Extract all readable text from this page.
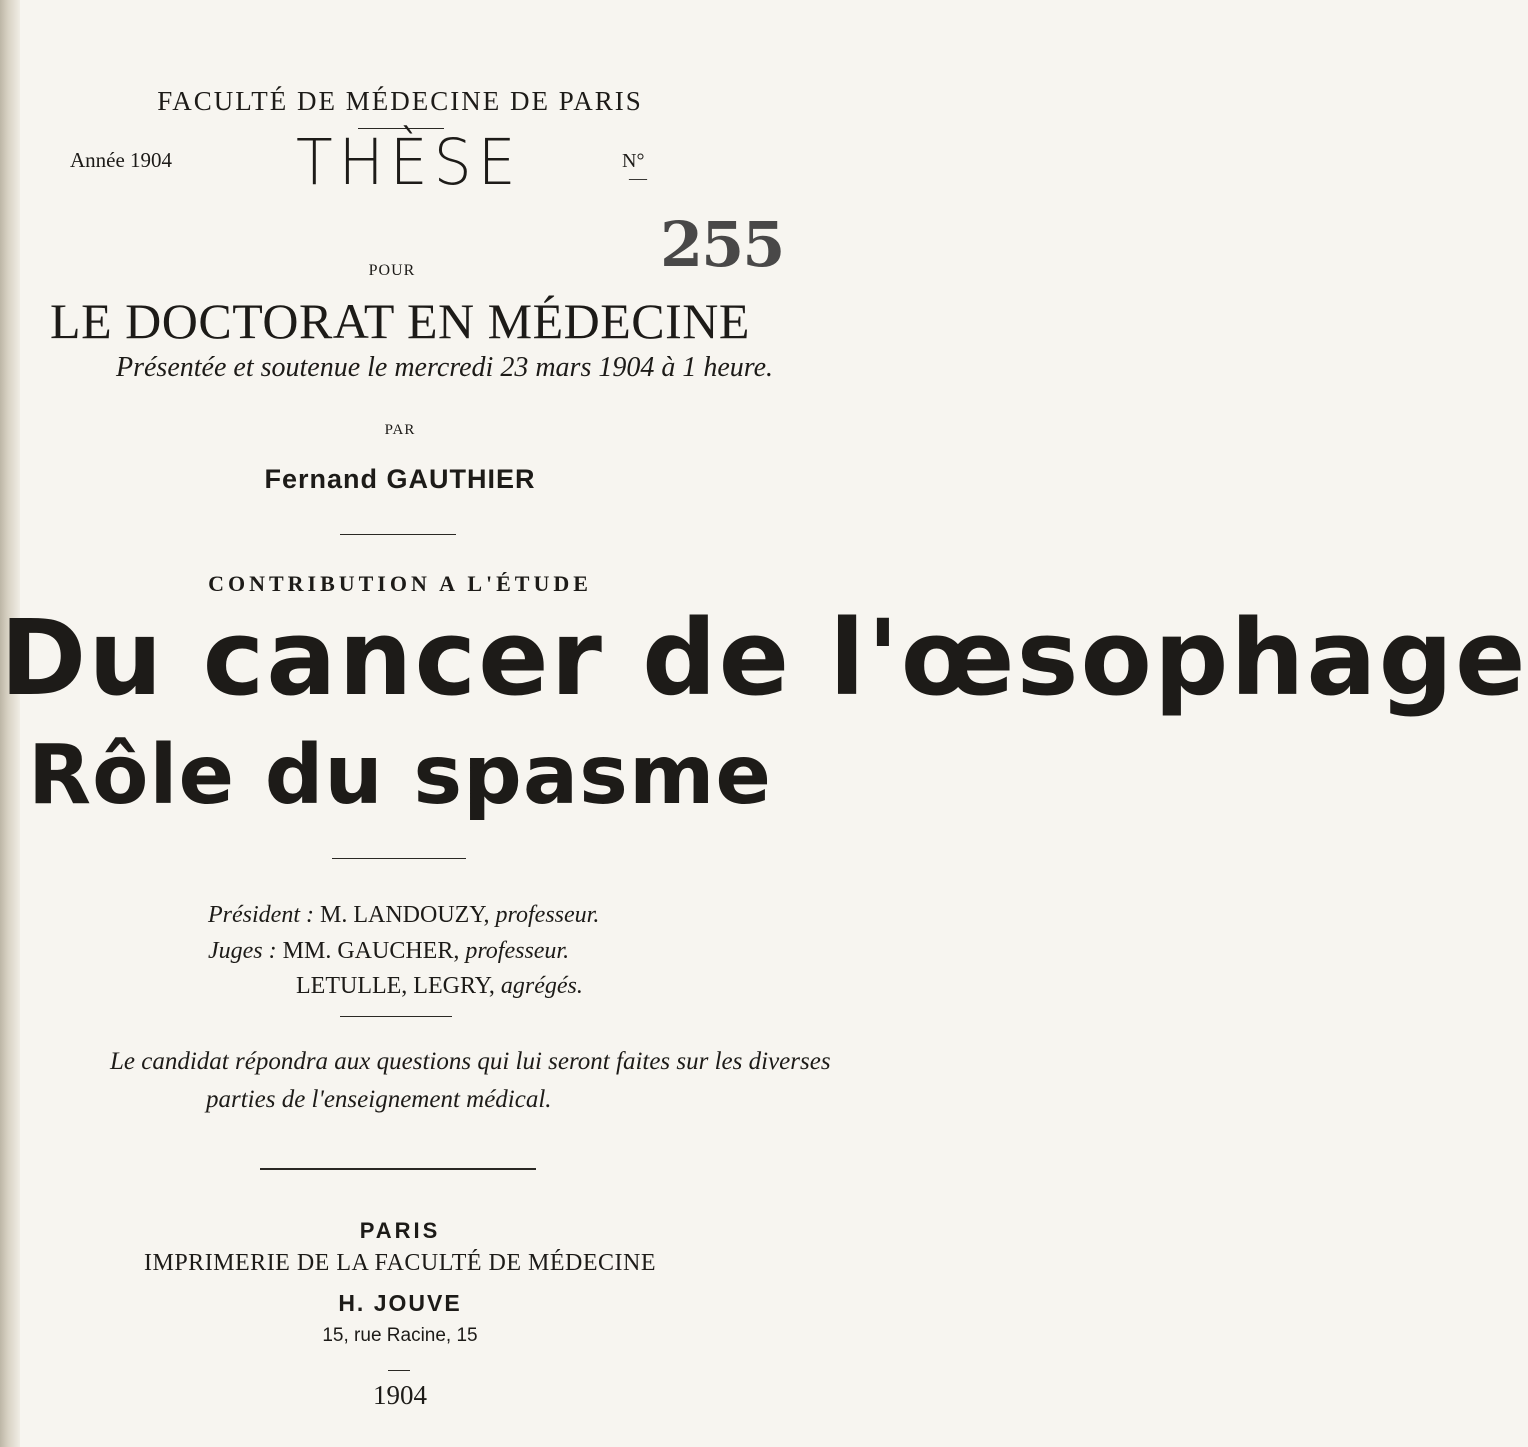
FACULTÉ DE MÉDECINE DE PARIS
Année 1904 THÈSE	N°
—
255
POUR
LE DOCTORAT EN MÉDECINE
Présentée et soutenue le mercredi 23 mars 1904 à 1 heure.
PAR
Fernand GAUTHIER
CONTRIBUTION A L'ÉTUDE
Du cancer de l'œsophage
Rôle du spasme
Président : M. LANDOUZY, professeur.
Juges : MM. GAUCHER, professeur.
LETULLE, LEGRY, agrégés.
Le candidat répondra aux questions qui lui seront faites sur les diverses
parties de l'enseignement médical.
PARIS
IMPRIMERIE DE LA FACULTÉ DE MÉDECINE
H. JOUVE
15, rue Racine, 15
1904
